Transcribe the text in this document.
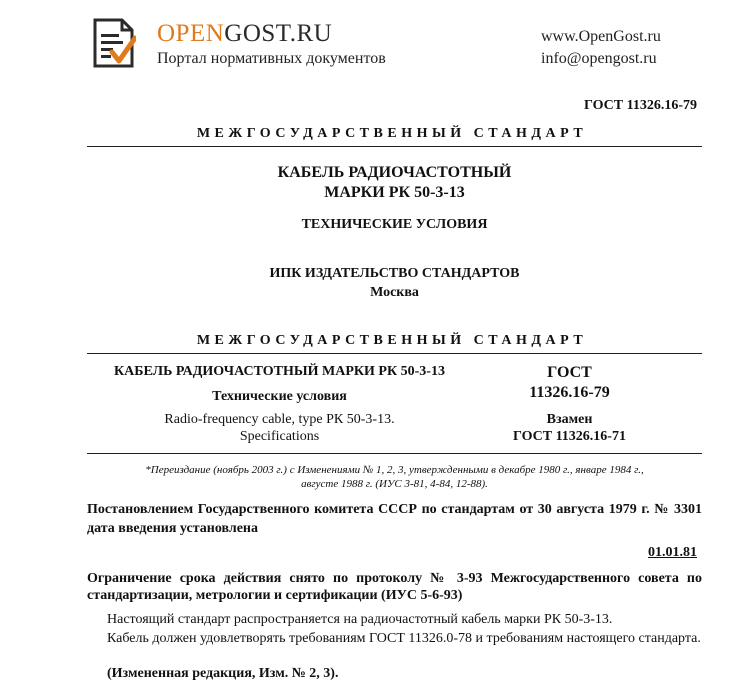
OPENGOST.RU
Портал нормативных документов
www.OpenGost.ru
info@opengost.ru
ГОСТ 11326.16-79
МЕЖГОСУДАРСТВЕННЫЙ СТАНДАРТ
КАБЕЛЬ РАДИОЧАСТОТНЫЙ
МАРКИ РК 50-3-13
ТЕХНИЧЕСКИЕ УСЛОВИЯ
ИПК ИЗДАТЕЛЬСТВО СТАНДАРТОВ
Москва
МЕЖГОСУДАРСТВЕННЫЙ СТАНДАРТ
КАБЕЛЬ РАДИОЧАСТОТНЫЙ МАРКИ РК 50-3-13
Технические условия
Radio-frequency cable, type РК 50-3-13.
Specifications
ГОСТ
11326.16-79
Взамен
ГОСТ 11326.16-71
*Переиздание (ноябрь 2003 г.) с Изменениями № 1, 2, 3, утвержденными в декабре 1980 г., январе 1984 г.,
августе 1988 г. (ИУС 3-81, 4-84, 12-88).
Постановлением Государственного комитета СССР по стандартам от 30 августа 1979 г. № 3301 дата введения установлена
01.01.81
Ограничение срока действия снято по протоколу № 3-93 Межгосударственного совета по стандартизации, метрологии и сертификации (ИУС 5-6-93)
Настоящий стандарт распространяется на радиочастотный кабель марки РК 50-3-13.
Кабель должен удовлетворять требованиям ГОСТ 11326.0-78 и требованиям настоящего стандарта.
(Измененная редакция, Изм. № 2, 3).
